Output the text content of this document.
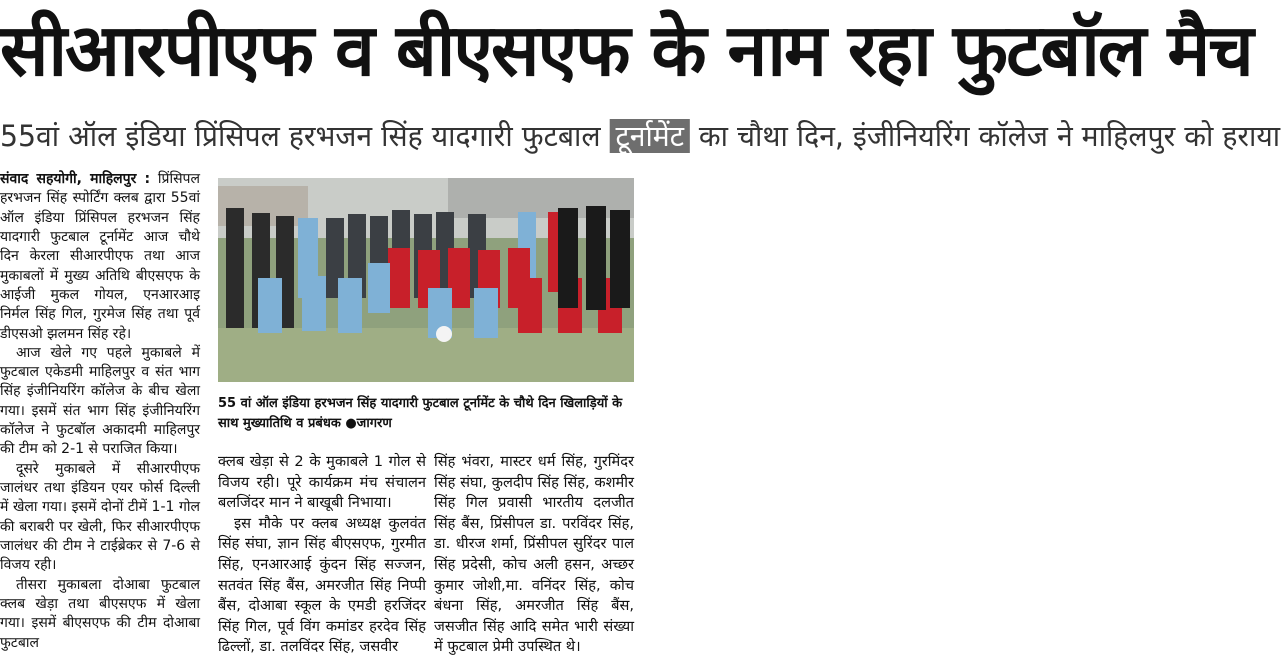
सीआरपीएफ व बीएसएफ के नाम रहा फुटबॉल मैच
55वां ऑल इंडिया प्रिंसिपल हरभजन सिंह यादगारी फुटबाल टूर्नामेंट का चौथा दिन, इंजीनियरिंग कॉलेज ने माहिलपुर को हराया

संवाद सहयोगी, माहिलपुर : प्रिंसिपल हरभजन सिंह स्पोर्टिंग क्लब द्वारा 55वां ऑल इंडिया प्रिंसिपल हरभजन सिंह यादगारी फुटबाल टूर्नामेंट आज चौथे दिन केरला सीआरपीएफ तथा आज मुकाबलों में मुख्य अतिथि बीएसएफ के आईजी मुकल गोयल, एनआरआइ निर्मल सिंह गिल, गुरमेज सिंह तथा पूर्व डीएसओ झलमन सिंह रहे।

आज खेले गए पहले मुकाबले में फुटबाल एकेडमी माहिलपुर व संत भाग सिंह इंजीनियरिंग कॉलेज के बीच खेला गया। इसमें संत भाग सिंह इंजीनियरिंग कॉलेज ने फुटबॉल अकादमी माहिलपुर की टीम को 2-1 से पराजित किया।

दूसरे मुकाबले में सीआरपीएफ जालंधर तथा इंडियन एयर फोर्स दिल्ली में खेला गया। इसमें दोनों टीमें 1-1 गोल की बराबरी पर खेली, फिर सीआरपीएफ जालंधर की टीम ने टाईब्रेकर से 7-6 से विजय रही।

तीसरा मुकाबला दोआबा फुटबाल क्लब खेड़ा तथा बीएसएफ में खेला गया। इसमें बीएसएफ की टीम दोआबा फुटबाल

55 वां ऑल इंडिया हरभजन सिंह यादगारी फुटबाल टूर्नामेंट के चौथे दिन खिलाड़ियों के साथ मुख्यातिथि व प्रबंधक ●जागरण

क्लब खेड़ा से 2 के मुकाबले 1 गोल से विजय रही। पूरे कार्यक्रम मंच संचालन बलजिंदर मान ने बाखूबी निभाया।

इस मौके पर क्लब अध्यक्ष कुलवंत सिंह संघा, ज्ञान सिंह बीएसएफ, गुरमीत सिंह, एनआरआई कुंदन सिंह सज्जन, सतवंत सिंह बैंस, अमरजीत सिंह निप्पी बैंस, दोआबा स्कूल के एमडी हरजिंदर सिंह गिल, पूर्व विंग कमांडर हरदेव सिंह ढिल्लों, डा. तलविंदर सिंह, जसवीर

सिंह भंवरा, मास्टर धर्म सिंह, गुरमिंदर सिंह संघा, कुलदीप सिंह सिंह, कशमीर सिंह गिल प्रवासी भारतीय दलजीत सिंह बैंस, प्रिंसीपल डा. परविंदर सिंह, डा. धीरज शर्मा, प्रिंसीपल सुरिंदर पाल सिंह प्रदेसी, कोच अली हसन, अच्छर कुमार जोशी,मा. वनिंदर सिंह, कोच बंधना सिंह, अमरजीत सिंह बैंस, जसजीत सिंह आदि समेत भारी संख्या में फुटबाल प्रेमी उपस्थित थे।
